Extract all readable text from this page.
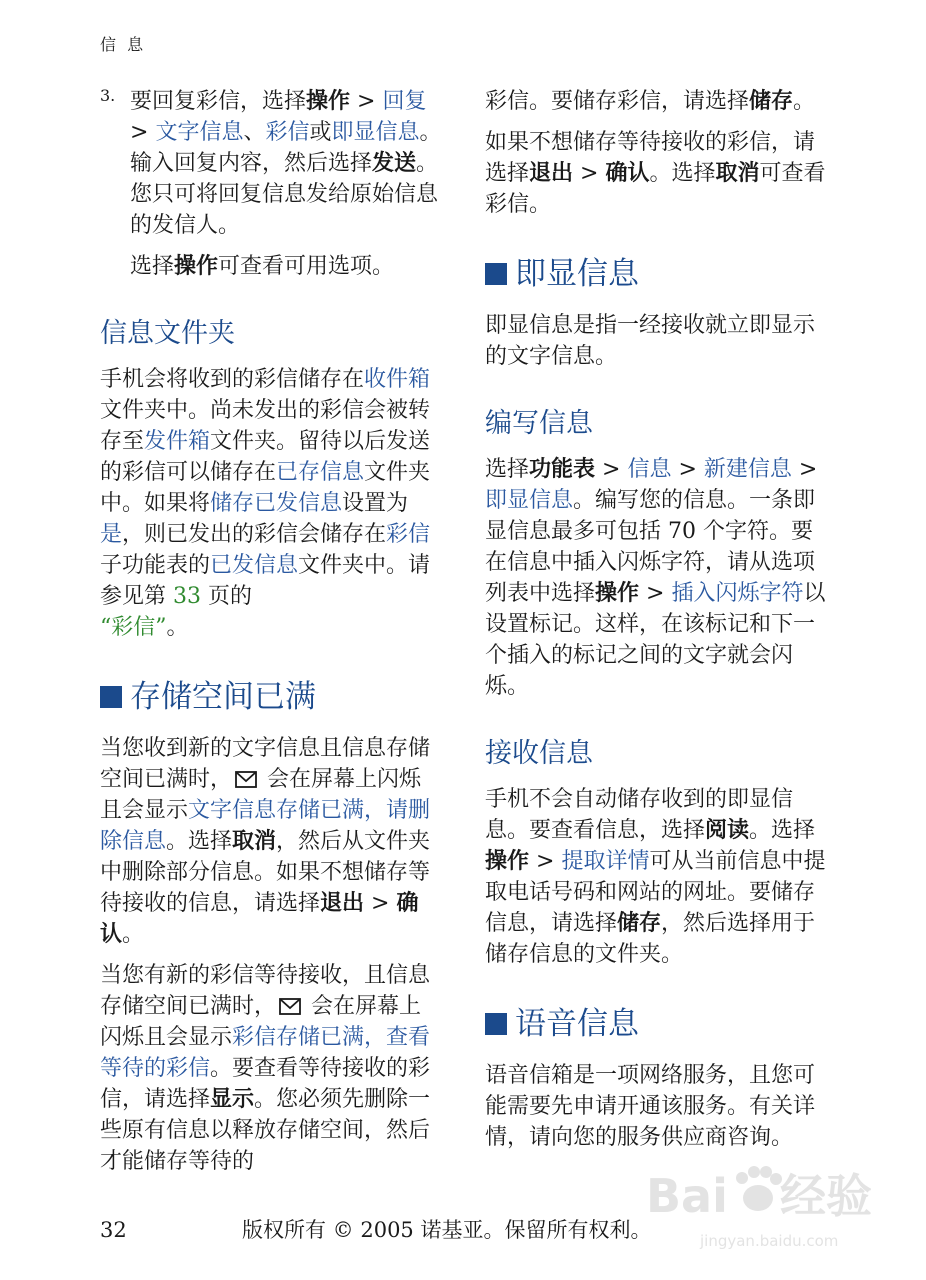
信 息
3. 要回复彩信，选择操作 > 回复 > 文字信息、彩信或即显信息。输入回复内容，然后选择发送。您只可将回复信息发给原始信息的发信人。

选择操作可查看可用选项。

信息文件夹

手机会将收到的彩信储存在收件箱文件夹中。尚未发出的彩信会被转存至发件箱文件夹。留待以后发送的彩信可以储存在已存信息文件夹中。如果将储存已发信息设置为是，则已发出的彩信会储存在彩信子功能表的已发信息文件夹中。请参见第 33 页的
“彩信”。

存储空间已满

当您收到新的文字信息且信息存储空间已满时， 会在屏幕上闪烁且会显示文字信息存储已满，请删除信息。选择取消，然后从文件夹中删除部分信息。如果不想储存等待接收的信息，请选择退出 > 确认。

当您有新的彩信等待接收，且信息存储空间已满时， 会在屏幕上闪烁且会显示彩信存储已满，查看等待的彩信。要查看等待接收的彩信，请选择显示。您必须先删除一些原有信息以释放存储空间，然后才能储存等待的

彩信。要储存彩信，请选择储存。

如果不想储存等待接收的彩信，请选择退出 > 确认。选择取消可查看彩信。

即显信息

即显信息是指一经接收就立即显示的文字信息。

编写信息

选择功能表 > 信息 > 新建信息 >
即显信息。编写您的信息。一条即显信息最多可包括 70 个字符。要在信息中插入闪烁字符，请从选项列表中选择操作 > 插入闪烁字符以设置标记。这样，在该标记和下一个插入的标记之间的文字就会闪烁。

接收信息

手机不会自动储存收到的即显信息。要查看信息，选择阅读。选择操作 > 提取详情可从当前信息中提取电话号码和网站的网址。要储存信息，请选择储存，然后选择用于储存信息的文件夹。

语音信息

语音信箱是一项网络服务，且您可能需要先申请开通该服务。有关详情，请向您的服务供应商咨询。

Bai 经验
jingyan.baidu.com
32	版权所有 © 2005 诺基亚。保留所有权利。
